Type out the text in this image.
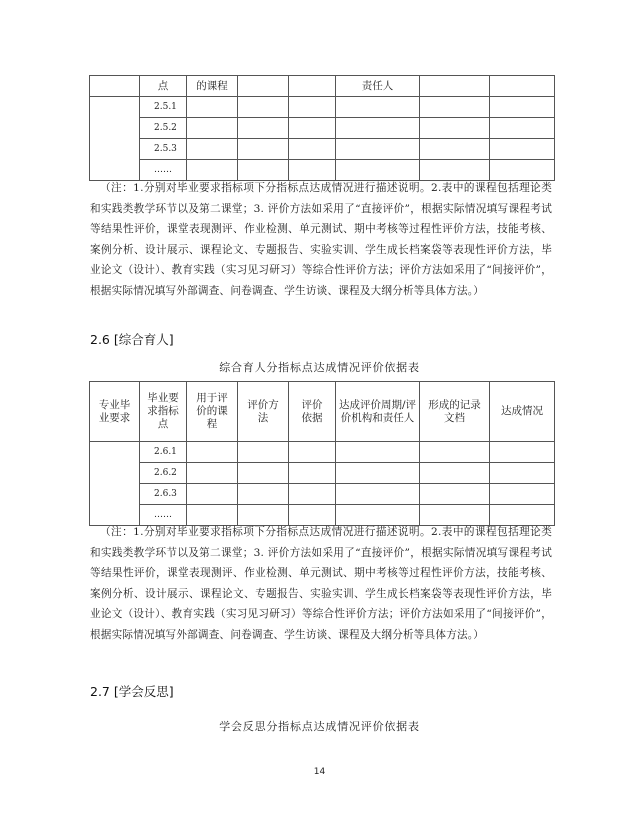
	点	的课程			责任人		
	2.5.1						
	2.5.2						
	2.5.3						
	……						
（注：1.分别对毕业要求指标项下分指标点达成情况进行描述说明。2.表中的课程包括理论类和实践类教学环节以及第二课堂；3. 评价方法如采用了“直接评价”，根据实际情况填写课程考试等结果性评价，课堂表现测评、作业检测、单元测试、期中考核等过程性评价方法，技能考核、案例分析、设计展示、课程论文、专题报告、实验实训、学生成长档案袋等表现性评价方法，毕业论文（设计）、教育实践（实习见习研习）等综合性评价方法；评价方法如采用了“间接评价”，根据实际情况填写外部调查、问卷调查、学生访谈、课程及大纲分析等具体方法。）
2.6 [综合育人]
综合育人分指标点达成情况评价依据表
专业毕业要求	毕业要求指标点	用于评价的课程	评价方法	评价依据	达成评价周期/评价机构和责任人	形成的记录文档	达成情况
	2.6.1						
	2.6.2						
	2.6.3						
	……						
（注：1.分别对毕业要求指标项下分指标点达成情况进行描述说明。2.表中的课程包括理论类和实践类教学环节以及第二课堂；3. 评价方法如采用了“直接评价”，根据实际情况填写课程考试等结果性评价，课堂表现测评、作业检测、单元测试、期中考核等过程性评价方法，技能考核、案例分析、设计展示、课程论文、专题报告、实验实训、学生成长档案袋等表现性评价方法，毕业论文（设计）、教育实践（实习见习研习）等综合性评价方法；评价方法如采用了“间接评价”，根据实际情况填写外部调查、问卷调查、学生访谈、课程及大纲分析等具体方法。）
2.7 [学会反思]
学会反思分指标点达成情况评价依据表
14
